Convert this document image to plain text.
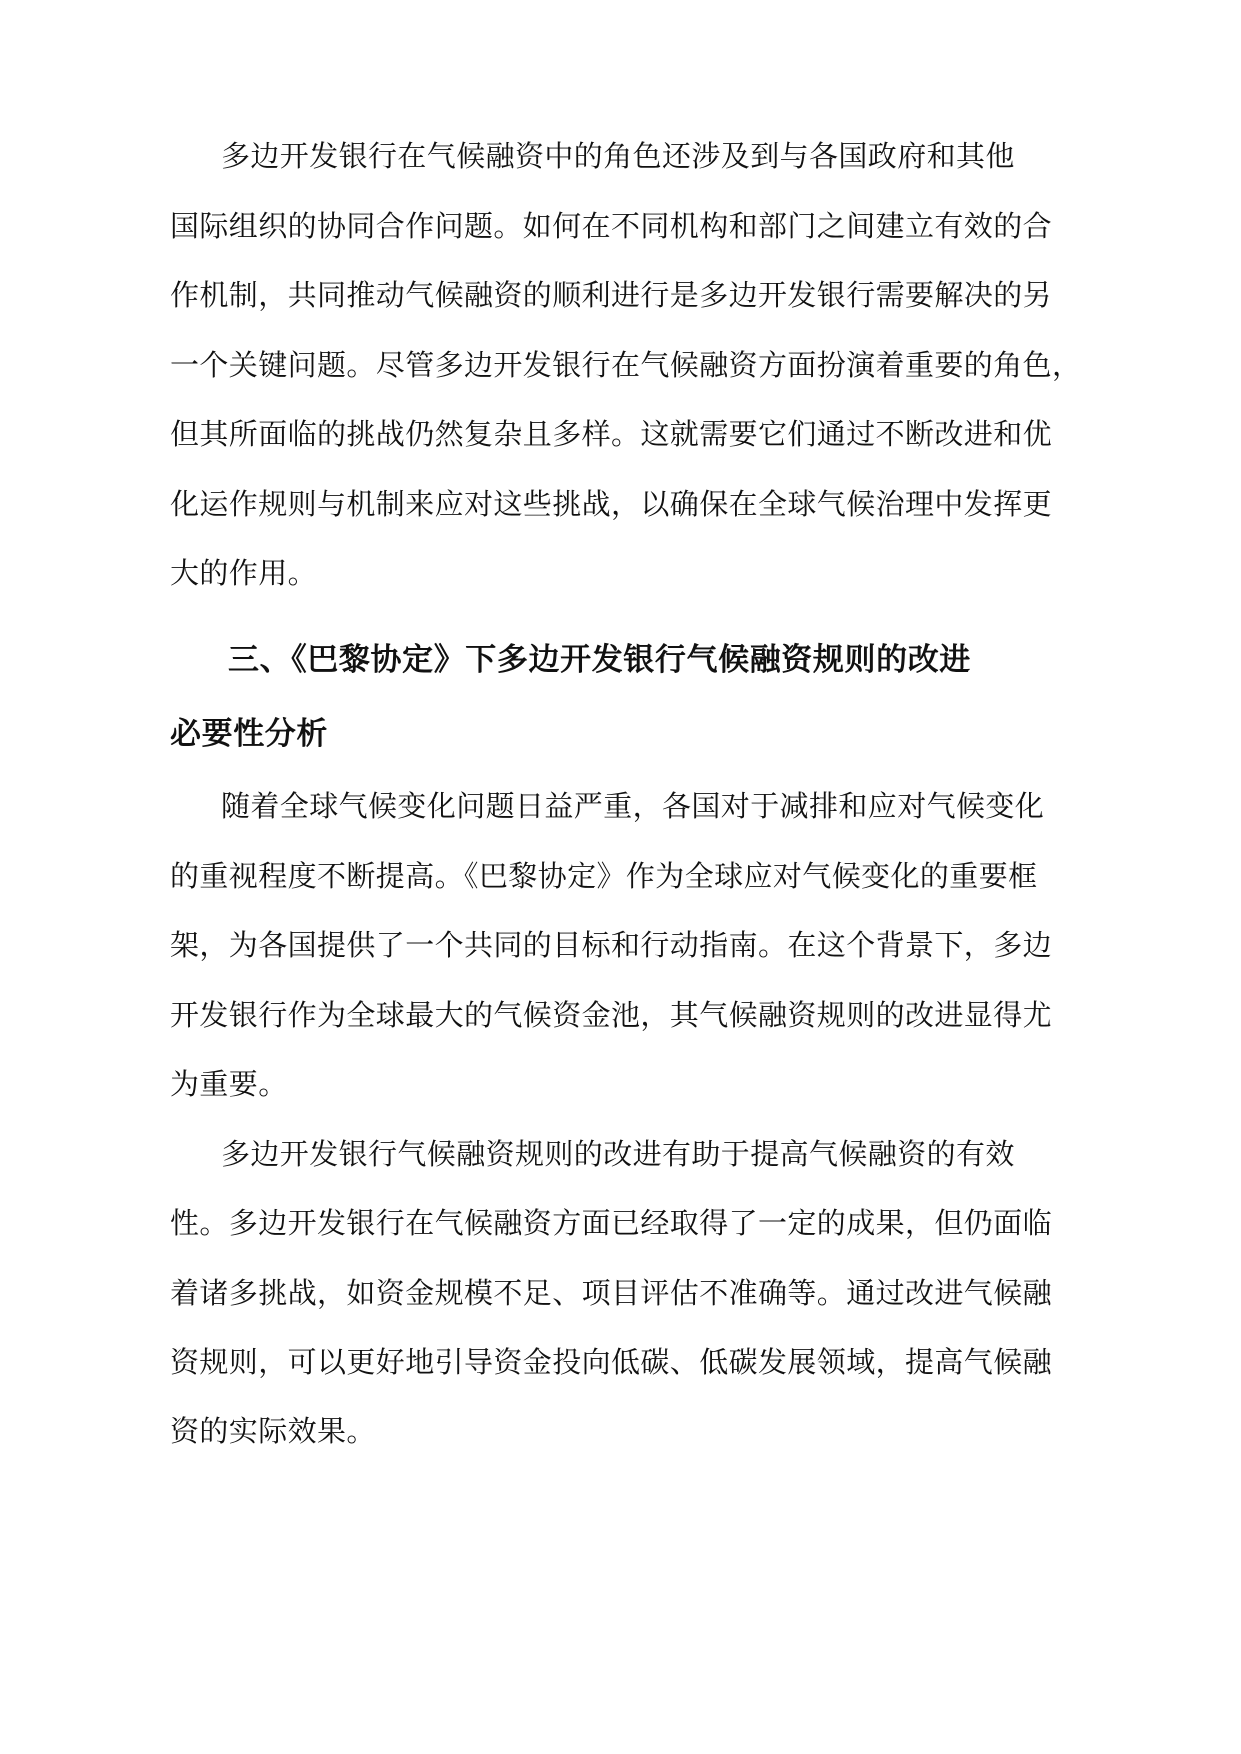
多边开发银行在气候融资中的角色还涉及到与各国政府和其他
国际组织的协同合作问题。如何在不同机构和部门之间建立有效的合
作机制，共同推动气候融资的顺利进行是多边开发银行需要解决的另
一个关键问题。尽管多边开发银行在气候融资方面扮演着重要的角色，
但其所面临的挑战仍然复杂且多样。这就需要它们通过不断改进和优
化运作规则与机制来应对这些挑战，以确保在全球气候治理中发挥更
大的作用。
三、《巴黎协定》下多边开发银行气候融资规则的改进
必要性分析
随着全球气候变化问题日益严重，各国对于减排和应对气候变化
的重视程度不断提高。《巴黎协定》作为全球应对气候变化的重要框
架，为各国提供了一个共同的目标和行动指南。在这个背景下，多边
开发银行作为全球最大的气候资金池，其气候融资规则的改进显得尤
为重要。
多边开发银行气候融资规则的改进有助于提高气候融资的有效
性。多边开发银行在气候融资方面已经取得了一定的成果，但仍面临
着诸多挑战，如资金规模不足、项目评估不准确等。通过改进气候融
资规则，可以更好地引导资金投向低碳、低碳发展领域，提高气候融
资的实际效果。
